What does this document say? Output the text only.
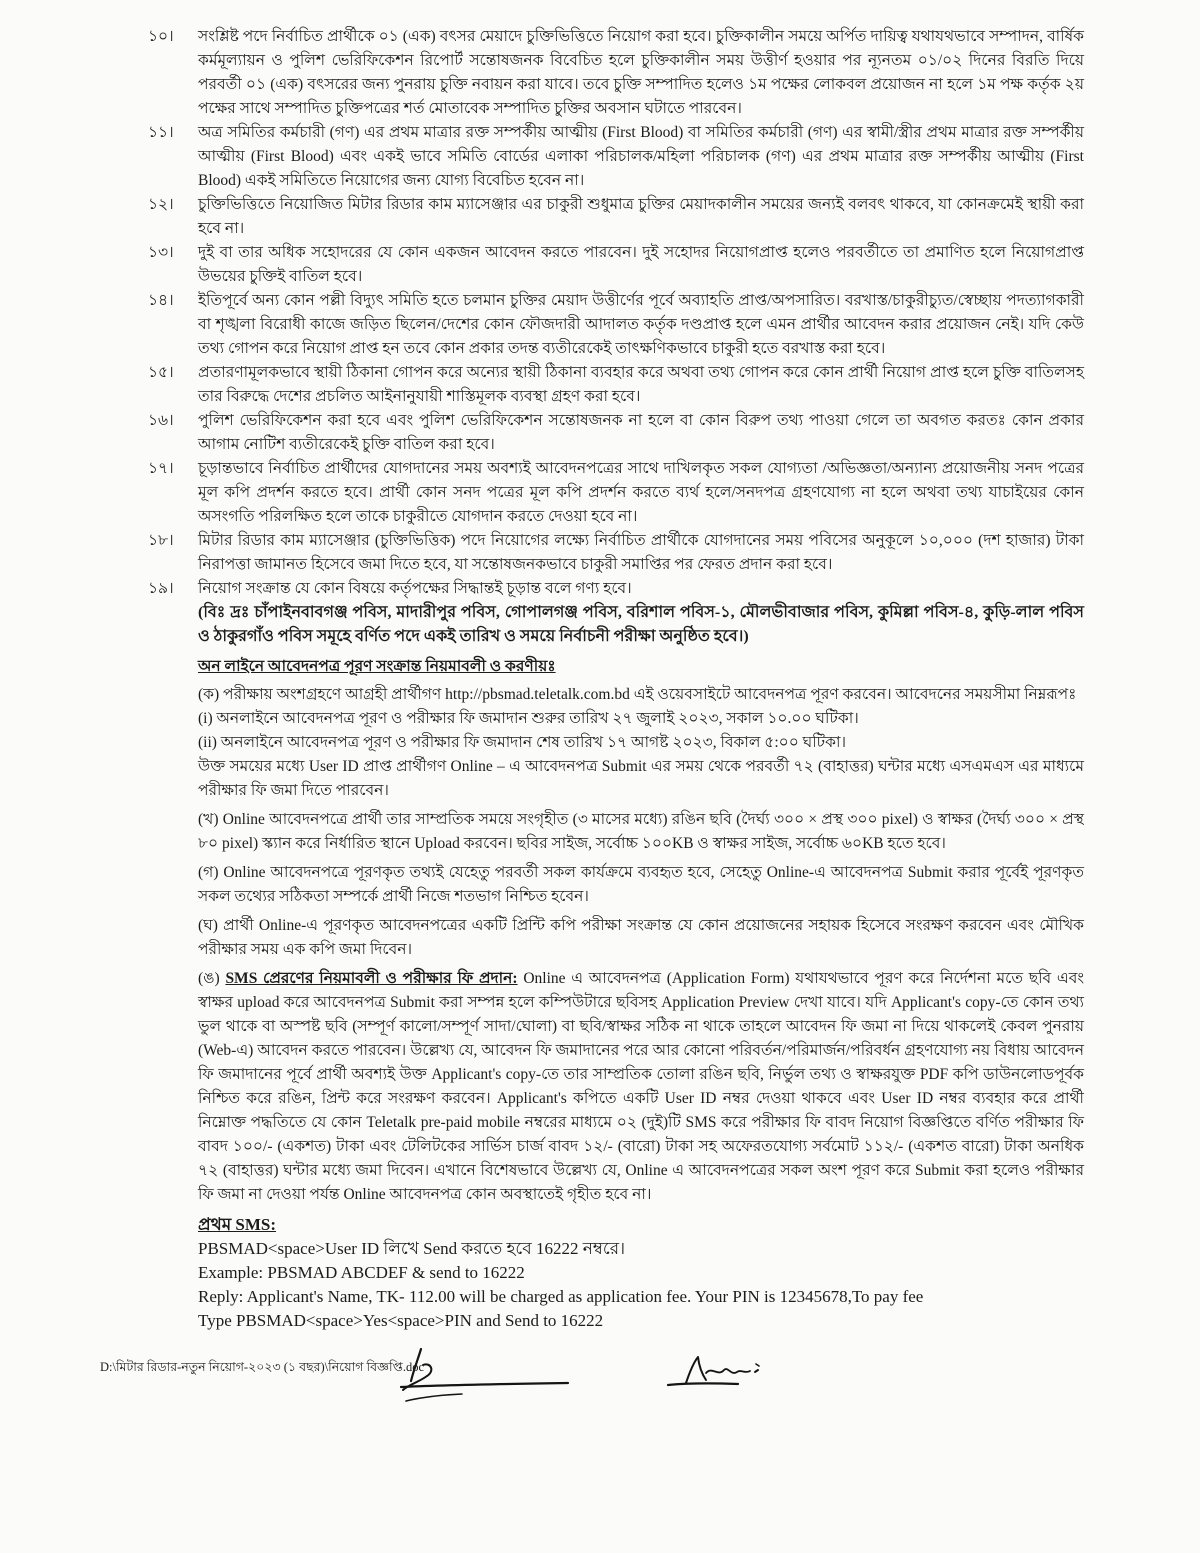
১০।	সংশ্লিষ্ট পদে নির্বাচিত প্রার্থীকে ০১ (এক) বৎসর মেয়াদে চুক্তিভিত্তিতে নিয়োগ করা হবে। চুক্তিকালীন সময়ে অর্পিত দায়িত্ব যথাযথভাবে সম্পাদন, বার্ষিক কর্মমূল্যায়ন ও পুলিশ ভেরিফিকেশন রিপোর্ট সন্তোষজনক বিবেচিত হলে চুক্তিকালীন সময় উত্তীর্ণ হওয়ার পর ন্যূনতম ০১/০২ দিনের বিরতি দিয়ে পরবর্তী ০১ (এক) বৎসরের জন্য পুনরায় চুক্তি নবায়ন করা যাবে। তবে চুক্তি সম্পাদিত হলেও ১ম পক্ষের লোকবল প্রয়োজন না হলে ১ম পক্ষ কর্তৃক ২য় পক্ষের সাথে সম্পাদিত চুক্তিপত্রের শর্ত মোতাবেক সম্পাদিত চুক্তির অবসান ঘটাতে পারবেন।
১১।	অত্র সমিতির কর্মচারী (গণ) এর প্রথম মাত্রার রক্ত সম্পর্কীয় আত্মীয় (First Blood) বা সমিতির কর্মচারী (গণ) এর স্বামী/স্ত্রীর প্রথম মাত্রার রক্ত সম্পর্কীয় আত্মীয় (First Blood) এবং একই ভাবে সমিতি বোর্ডের এলাকা পরিচালক/মহিলা পরিচালক (গণ) এর প্রথম মাত্রার রক্ত সম্পর্কীয় আত্মীয় (First Blood) একই সমিতিতে নিয়োগের জন্য যোগ্য বিবেচিত হবেন না।
১২।	চুক্তিভিত্তিতে নিয়োজিত মিটার রিডার কাম ম্যাসেঞ্জার এর চাকুরী শুধুমাত্র চুক্তির মেয়াদকালীন সময়ের জন্যই বলবৎ থাকবে, যা কোনক্রমেই স্থায়ী করা হবে না।
১৩।	দুই বা তার অধিক সহোদরের যে কোন একজন আবেদন করতে পারবেন। দুই সহোদর নিয়োগপ্রাপ্ত হলেও পরবর্তীতে তা প্রমাণিত হলে নিয়োগপ্রাপ্ত উভয়ের চুক্তিই বাতিল হবে।
১৪।	ইতিপূর্বে অন্য কোন পল্লী বিদ্যুৎ সমিতি হতে চলমান চুক্তির মেয়াদ উত্তীর্ণের পূর্বে অব্যাহতি প্রাপ্ত/অপসারিত। বরখাস্ত/চাকুরীচ্যুত/স্বেচ্ছায় পদত্যাগকারী বা শৃঙ্খলা বিরোধী কাজে জড়িত ছিলেন/দেশের কোন ফৌজদারী আদালত কর্তৃক দণ্ডপ্রাপ্ত হলে এমন প্রার্থীর আবেদন করার প্রয়োজন নেই। যদি কেউ তথ্য গোপন করে নিয়োগ প্রাপ্ত হন তবে কোন প্রকার তদন্ত ব্যতীরেকেই তাৎক্ষণিকভাবে চাকুরী হতে বরখাস্ত করা হবে।
১৫।	প্রতারণামূলকভাবে স্থায়ী ঠিকানা গোপন করে অন্যের স্থায়ী ঠিকানা ব্যবহার করে অথবা তথ্য গোপন করে কোন প্রার্থী নিয়োগ প্রাপ্ত হলে চুক্তি বাতিলসহ তার বিরুদ্ধে দেশের প্রচলিত আইনানুযায়ী শাস্তিমূলক ব্যবস্থা গ্রহণ করা হবে।
১৬।	পুলিশ ভেরিফিকেশন করা হবে এবং পুলিশ ভেরিফিকেশন সন্তোষজনক না হলে বা কোন বিরুপ তথ্য পাওয়া গেলে তা অবগত করতঃ কোন প্রকার আগাম নোটিশ ব্যতীরেকেই চুক্তি বাতিল করা হবে।
১৭।	চূড়ান্তভাবে নির্বাচিত প্রার্থীদের যোগদানের সময় অবশ্যই আবেদনপত্রের সাথে দাখিলকৃত সকল যোগ্যতা /অভিজ্ঞতা/অন্যান্য প্রয়োজনীয় সনদ পত্রের মূল কপি প্রদর্শন করতে হবে। প্রার্থী কোন সনদ পত্রের মূল কপি প্রদর্শন করতে ব্যর্থ হলে/সনদপত্র গ্রহণযোগ্য না হলে অথবা তথ্য যাচাইয়ের কোন অসংগতি পরিলক্ষিত হলে তাকে চাকুরীতে যোগদান করতে দেওয়া হবে না।
১৮।	মিটার রিডার কাম ম্যাসেঞ্জার (চুক্তিভিত্তিক) পদে নিয়োগের লক্ষ্যে নির্বাচিত প্রার্থীকে যোগদানের সময় পবিসের অনুকূলে ১০,০০০ (দশ হাজার) টাকা নিরাপত্তা জামানত হিসেবে জমা দিতে হবে, যা সন্তোষজনকভাবে চাকুরী সমাপ্তির পর ফেরত প্রদান করা হবে।
১৯।	নিয়োগ সংক্রান্ত যে কোন বিষয়ে কর্তৃপক্ষের সিদ্ধান্তই চূড়ান্ত বলে গণ্য হবে।
(বিঃ দ্রঃ চাঁপাইনবাবগঞ্জ পবিস, মাদারীপুর পবিস, গোপালগঞ্জ পবিস, বরিশাল পবিস-১, মৌলভীবাজার পবিস, কুমিল্লা পবিস-৪, কুড়ি-লাল পবিস ও ঠাকুরগাঁও পবিস সমূহে বর্ণিত পদে একই তারিখ ও সময়ে নির্বাচনী পরীক্ষা অনুষ্ঠিত হবে।)

অন লাইনে আবেদনপত্র পূরণ সংক্রান্ত নিয়মাবলী ও করণীয়ঃ

(ক) পরীক্ষায় অংশগ্রহণে আগ্রহী প্রার্থীগণ http://pbsmad.teletalk.com.bd এই ওয়েবসাইটে আবেদনপত্র পূরণ করবেন। আবেদনের সময়সীমা নিম্নরূপঃ

(i) অনলাইনে আবেদনপত্র পূরণ ও পরীক্ষার ফি জমাদান শুরুর তারিখ ২৭ জুলাই ২০২৩, সকাল ১০.০০ ঘটিকা।

(ii) অনলাইনে আবেদনপত্র পূরণ ও পরীক্ষার ফি জমাদান শেষ তারিখ ১৭ আগষ্ট ২০২৩, বিকাল ৫:০০ ঘটিকা।

উক্ত সময়ের মধ্যে User ID প্রাপ্ত প্রার্থীগণ Online – এ আবেদনপত্র Submit এর সময় থেকে পরবর্তী ৭২ (বাহাত্তর) ঘন্টার মধ্যে এসএমএস এর মাধ্যমে পরীক্ষার ফি জমা দিতে পারবেন।

(খ) Online আবেদনপত্রে প্রার্থী তার সাম্প্রতিক সময়ে সংগৃহীত (৩ মাসের মধ্যে) রঙিন ছবি (দৈর্ঘ্য ৩০০ × প্রস্থ ৩০০ pixel) ও স্বাক্ষর (দৈর্ঘ্য ৩০০ × প্রস্থ ৮০ pixel) স্ক্যান করে নির্ধারিত স্থানে Upload করবেন। ছবির সাইজ, সর্বোচ্চ ১০০KB ও স্বাক্ষর সাইজ, সর্বোচ্চ ৬০KB হতে হবে।

(গ) Online আবেদনপত্রে পূরণকৃত তথ্যই যেহেতু পরবর্তী সকল কার্যক্রমে ব্যবহৃত হবে, সেহেতু Online-এ আবেদনপত্র Submit করার পূর্বেই পূরণকৃত সকল তথ্যের সঠিকতা সম্পর্কে প্রার্থী নিজে শতভাগ নিশ্চিত হবেন।

(ঘ) প্রার্থী Online-এ পূরণকৃত আবেদনপত্রের একটি প্রিন্টি কপি পরীক্ষা সংক্রান্ত যে কোন প্রয়োজনের সহায়ক হিসেবে সংরক্ষণ করবেন এবং মৌখিক পরীক্ষার সময় এক কপি জমা দিবেন।

(ঙ) SMS প্রেরণের নিয়মাবলী ও পরীক্ষার ফি প্রদান: Online এ আবেদনপত্র (Application Form) যথাযথভাবে পূরণ করে নির্দেশনা মতে ছবি এবং স্বাক্ষর upload করে আবেদনপত্র Submit করা সম্পন্ন হলে কম্পিউটারে ছবিসহ Application Preview দেখা যাবে। যদি Applicant's copy-তে কোন তথ্য ভুল থাকে বা অস্পষ্ট ছবি (সম্পূর্ণ কালো/সম্পূর্ণ সাদা/ঘোলা) বা ছবি/স্বাক্ষর সঠিক না থাকে তাহলে আবেদন ফি জমা না দিয়ে থাকলেই কেবল পুনরায় (Web-এ) আবেদন করতে পারবেন। উল্লেখ্য যে, আবেদন ফি জমাদানের পরে আর কোনো পরিবর্তন/পরিমার্জন/পরিবর্ধন গ্রহণযোগ্য নয় বিধায় আবেদন ফি জমাদানের পূর্বে প্রার্থী অবশ্যই উক্ত Applicant's copy-তে তার সাম্প্রতিক তোলা রঙিন ছবি, নির্ভুল তথ্য ও স্বাক্ষরযুক্ত PDF কপি ডাউনলোডপূর্বক নিশ্চিত করে রঙিন, প্রিন্ট করে সংরক্ষণ করবেন। Applicant's কপিতে একটি User ID নম্বর দেওয়া থাকবে এবং User ID নম্বর ব্যবহার করে প্রার্থী নিম্নোক্ত পদ্ধতিতে যে কোন Teletalk pre-paid mobile নম্বরের মাধ্যমে ০২ (দুই)টি SMS করে পরীক্ষার ফি বাবদ নিয়োগ বিজ্ঞপ্তিতে বর্ণিত পরীক্ষার ফি বাবদ ১০০/- (একশত) টাকা এবং টেলিটকের সার্ভিস চার্জ বাবদ ১২/- (বারো) টাকা সহ অফেরতযোগ্য সর্বমোট ১১২/- (একশত বারো) টাকা অনধিক ৭২ (বাহাত্তর) ঘন্টার মধ্যে জমা দিবেন। এখানে বিশেষভাবে উল্লেখ্য যে, Online এ আবেদনপত্রের সকল অংশ পূরণ করে Submit করা হলেও পরীক্ষার ফি জমা না দেওয়া পর্যন্ত Online আবেদনপত্র কোন অবস্থাতেই গৃহীত হবে না।

প্রথম SMS:

PBSMAD<space>User ID লিখে Send করতে হবে 16222 নম্বরে।

Example: PBSMAD ABCDEF & send to 16222

Reply: Applicant's Name, TK- 112.00 will be charged as application fee. Your PIN is 12345678,To pay fee

Type PBSMAD<space>Yes<space>PIN and Send to 16222

D:\মিটার রিডার-নতুন নিয়োগ-২০২৩ (১ বছর)\নিয়োগ বিজ্ঞপ্তি.doc
